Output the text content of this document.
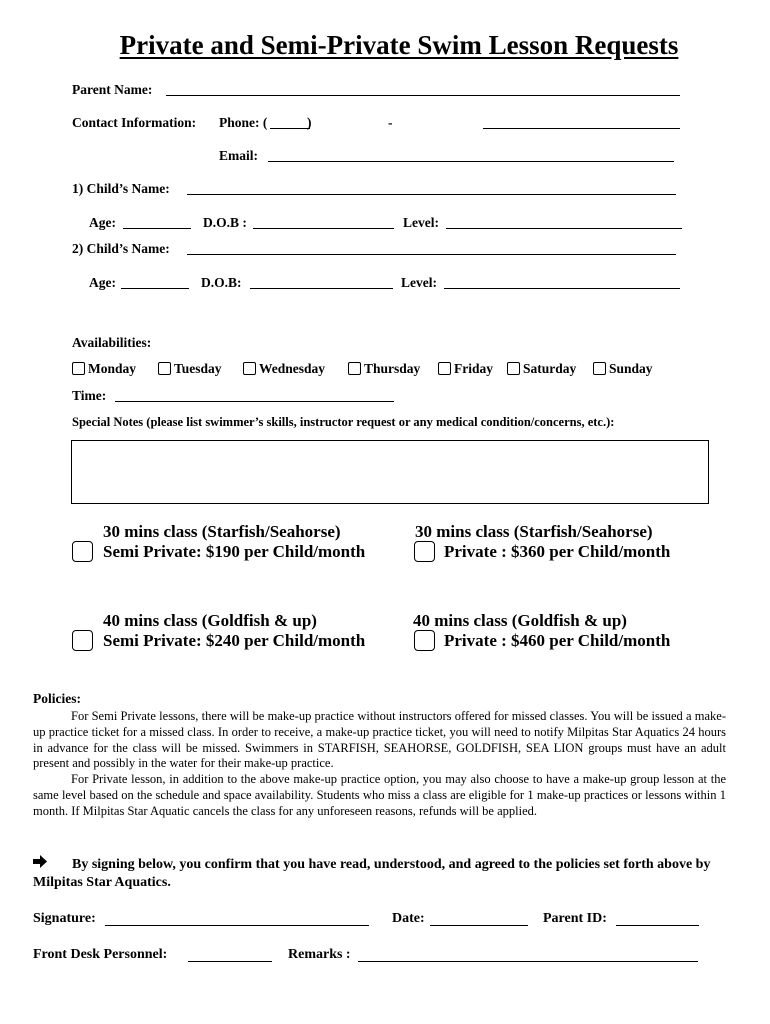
Private and Semi-Private Swim Lesson Requests
Parent Name:
Contact Information: Phone: (	)	-
Email:
1) Child’s Name:
Age:	D.O.B :	Level:
2) Child’s Name:
Age:	D.O.B:	Level:
Availabilities:
Monday	Tuesday	Wednesday	Thursday	Friday	Saturday	Sunday
Time:
Special Notes (please list swimmer’s skills, instructor request or any medical condition/concerns, etc.):
30 mins class (Starfish/Seahorse)
Semi Private: $190 per Child/month
30 mins class (Starfish/Seahorse)
Private : $360 per Child/month
40 mins class (Goldfish & up)
Semi Private: $240 per Child/month
40 mins class (Goldfish & up)
Private : $460 per Child/month
Policies:

For Semi Private lessons, there will be make-up practice without instructors offered for missed classes. You will be issued a make-up practice ticket for a missed class. In order to receive, a make-up practice ticket, you will need to notify Milpitas Star Aquatics 24 hours in advance for the class will be missed. Swimmers in STARFISH, SEAHORSE, GOLDFISH, SEA LION groups must have an adult present and possibly in the water for their make-up practice.

For Private lesson, in addition to the above make-up practice option, you may also choose to have a make-up group lesson at the same level based on the schedule and space availability. Students who miss a class are eligible for 1 make-up practices or lessons within 1 month. If Milpitas Star Aquatic cancels the class for any unforeseen reasons, refunds will be applied.

By signing below, you confirm that you have read, understood, and agreed to the policies set forth above by Milpitas Star Aquatics.
Signature:	Date:	Parent ID:
Front Desk Personnel:	Remarks :
